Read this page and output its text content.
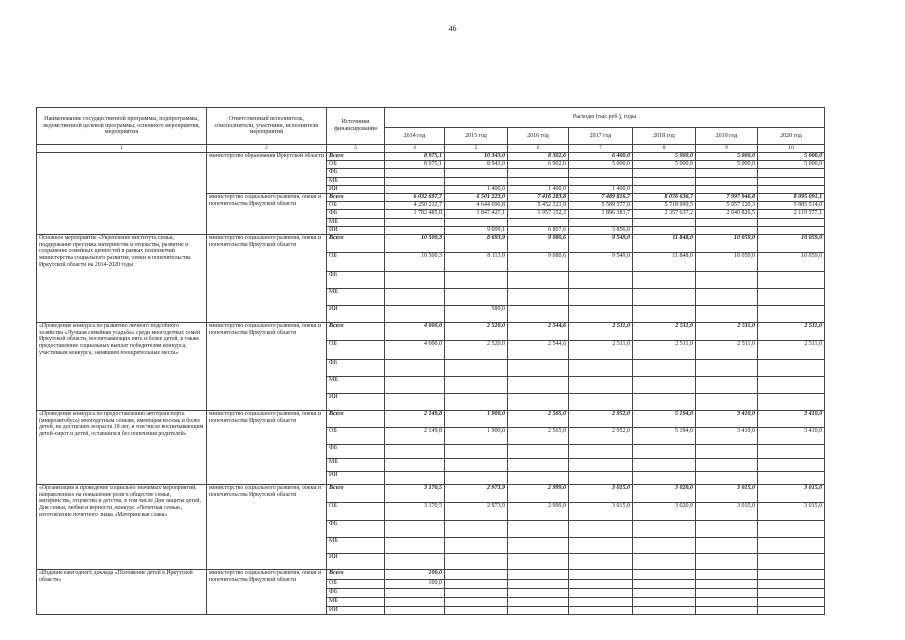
46
Наименование государственной программы, подпрограммы, ведомственной целевой программы, основного мероприятия, мероприятия	Ответственный исполнитель, соисполнители, участники, исполнители мероприятий	Источники финансирования	Расходы (тыс.руб.), годы						
			2014 год	2015 год	2016 год	2017 год	2018 год	2019 год	2020 год
1	2	3	4	5	6	7	8	9	10
	министерство образования Иркутской области	Всего	8 975,1	10 343,0	8 302,6	6 400,0	5 000,0	5 000,0	5 000,0
		ОБ	8 975,1	8 943,0	6 902,6	5 000,0	5 000,0	5 000,0	5 000,0
		ФБ							
		МБ							
		ИИ		1 400,0	1 400,0	1 400,0			
	министерство социального развития, опеки и попечительства Иркутской области	Всего	6 032 697,7	6 501 223,0	7 416 283,8	7 489 816,7	8 076 636,7	7 997 946,8	8 095 091,1
		ОБ	4 250 212,7	4 644 696,8	5 452 323,9	5 589 577,0	5 718 999,5	5 957 120,3	5 885 514,0
		ФБ	1 782 485,0	1 847 427,1	1 957 152,3	1 896 383,7	2 357 637,2	2 040 826,5	2 119 577,1
		МБ							
		ИИ		9 099,1	6 807,6	3 856,0			
Основное мероприятие «Укрепление института семьи, поддержание престижа материнства и отцовства, развитие и сохранение семейных ценностей в рамках полномочий министерства социального развития, опеки и попечительства Иркутской области на 2014-2020 годы	министерство социального развития, опеки и попечительства Иркутской области	Всего	10 500,3	8 693,9	9 080,6	9 549,0	11 848,0	10 059,0	10 059,0
		ОБ	10 500,3	8 113,9	9 080,6	9 549,0	11 848,0	10 059,0	10 059,0
		ФБ							
		МБ							
		ИИ		580,0					
«Проведение конкурса по развитию личного подсобного хозяйства «Лучшая семейная усадьба» среди многодетных семей Иркутской области, воспитывающих пять и более детей, в также предоставление социальных выплат победителям конкурса, участникам конкурса, занявшим поощрительные места»	министерство социального развития, опеки и попечительства Иркутской области	Всего	4 000,0	2 520,0	2 544,6	2 511,0	2 511,0	2 511,0	2 511,0
		ОБ	4 000,0	2 520,0	2 544,6	2 511,0	2 511,0	2 511,0	2 511,0
		ФБ							
		МБ							
		ИИ							
«Проведение конкурса по предоставлению автотранспорта (микроавтобуса) многодетным семьям, имеющим восемь и более детей, не достигших возраста 18 лет, в том числе воспитывающим детей-сирот и детей, оставшихся без попечения родителей»	министерство социального развития, опеки и попечительства Иркутской области	Всего	2 149,8	1 900,0	2 565,0	2 952,0	5 194,0	3 410,0	3 410,0
		ОБ	2 149,8	1 900,0	2 565,0	2 952,0	5 194,0	3 410,0	3 410,0
		ФБ							
		МБ							
		ИИ							
«Организация и проведение социально значимых мероприятий, направленных на повышение роли в обществе семьи, материнства, отцовства и детства, в том числе Дня защиты детей, Дня семьи, любви и верности, конкурс «Почетная семья», изготовление почетного знака «Материнская слава»	министерство социального развития, опеки и попечительства Иркутской области	Всего	3 170,5	2 973,9	2 999,0	3 015,0	3 020,0	3 015,0	3 015,0
		ОБ	3 170,5	2 973,9	2 999,0	3 015,0	3 020,0	3 015,0	3 015,0
		ФБ							
		МБ							
		ИИ							
«Издание ежегодного доклада «Положение детей в Иркутской области»	министерство социального развития, опеки и попечительства Иркутской области	Всего	100,0						
		ОБ	100,0						
		ФБ							
		МБ							
		ИИ							
